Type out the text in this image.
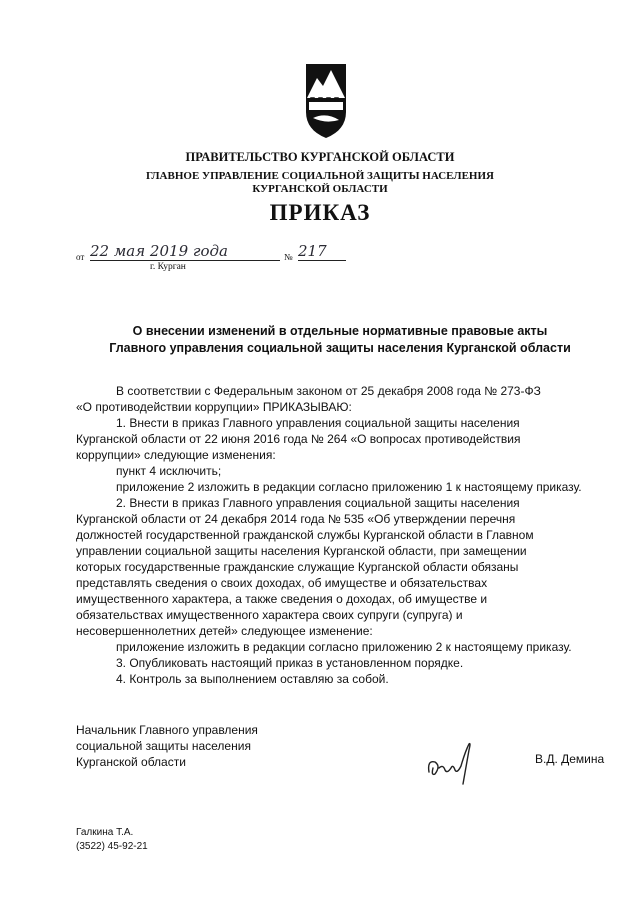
ПРАВИТЕЛЬСТВО КУРГАНСКОЙ ОБЛАСТИ
ГЛАВНОЕ УПРАВЛЕНИЕ СОЦИАЛЬНОЙ ЗАЩИТЫ НАСЕЛЕНИЯ
КУРГАНСКОЙ ОБЛАСТИ
ПРИКАЗ
от 22 мая 2019 года	№ 217
г. Курган
О внесении изменений в отдельные нормативные правовые акты
Главного управления социальной защиты населения Курганской области
В соответствии с Федеральным законом от 25 декабря 2008 года № 273-ФЗ
«О противодействии коррупции» ПРИКАЗЫВАЮ:
1. Внести в приказ Главного управления социальной защиты населения
Курганской области от 22 июня 2016 года № 264 «О вопросах противодействия
коррупции» следующие изменения:
пункт 4 исключить;
приложение 2 изложить в редакции согласно приложению 1 к настоящему приказу.
2. Внести в приказ Главного управления социальной защиты населения
Курганской области от 24 декабря 2014 года № 535 «Об утверждении перечня
должностей государственной гражданской службы Курганской области в Главном
управлении социальной защиты населения Курганской области, при замещении
которых государственные гражданские служащие Курганской области обязаны
представлять сведения о своих доходах, об имуществе и обязательствах
имущественного характера, а также сведения о доходах, об имуществе и
обязательствах имущественного характера своих супруги (супруга) и
несовершеннолетних детей» следующее изменение:
приложение изложить в редакции согласно приложению 2 к настоящему приказу.
3. Опубликовать настоящий приказ в установленном порядке.
4. Контроль за выполнением оставляю за собой.
Начальник Главного управления
социальной защиты населения
Курганской области	В.Д. Демина
Галкина Т.А.
(3522) 45-92-21
